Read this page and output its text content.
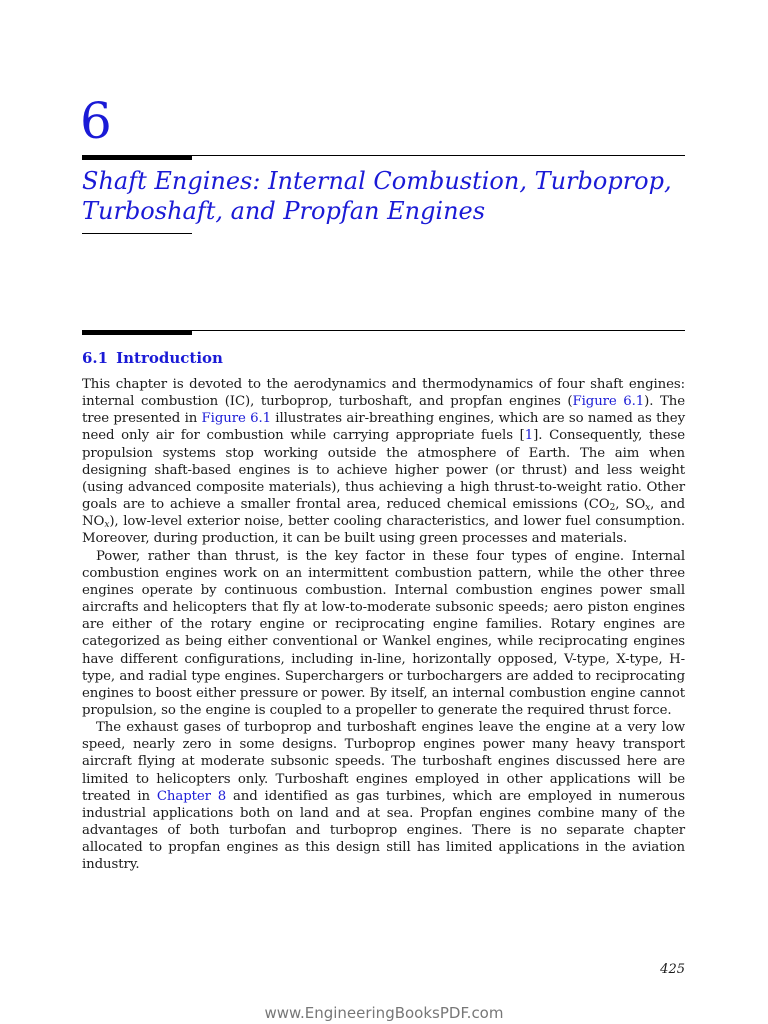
6
Shaft Engines: Internal Combustion, Turboprop,
Turboshaft, and Propfan Engines
6.1 Introduction

This chapter is devoted to the aerodynamics and thermodynamics of four shaft engines: internal combustion (IC), turboprop, turboshaft, and propfan engines (Figure 6.1). The tree presented in Figure 6.1 illustrates air-breathing engines, which are so named as they need only air for combustion while carrying appropriate fuels [1]. Consequently, these propulsion systems stop working outside the atmosphere of Earth. The aim when designing shaft-based engines is to achieve higher power (or thrust) and less weight (using advanced composite materials), thus achieving a high thrust-to-weight ratio. Other goals are to achieve a smaller frontal area, reduced chemical emissions ($CO_2$, $SO_x$, and $NO_x$), low-level exterior noise, better cooling characteristics, and lower fuel consumption. Moreover, during production, it can be built using green processes and materials.

Power, rather than thrust, is the key factor in these four types of engine. Internal combustion engines work on an intermittent combustion pattern, while the other three engines operate by continuous combustion. Internal combustion engines power small aircrafts and helicopters that fly at low-to-moderate subsonic speeds; aero piston engines are either of the rotary engine or reciprocating engine families. Rotary engines are categorized as being either conventional or Wankel engines, while reciprocating engines have different configurations, including in-line, horizontally opposed, V-type, X-type, H-type, and radial type engines. Superchargers or turbochargers are added to reciprocating engines to boost either pressure or power. By itself, an internal combustion engine cannot propulsion, so the engine is coupled to a propeller to generate the required thrust force.

The exhaust gases of turboprop and turboshaft engines leave the engine at a very low speed, nearly zero in some designs. Turboprop engines power many heavy transport aircraft flying at moderate subsonic speeds. The turboshaft engines discussed here are limited to helicopters only. Turboshaft engines employed in other applications will be treated in Chapter 8 and identified as gas turbines, which are employed in numerous industrial applications both on land and at sea. Propfan engines combine many of the advantages of both turbofan and turboprop engines. There is no separate chapter allocated to propfan engines as this design still has limited applications in the aviation industry.

425
www.EngineeringBooksPDF.com
